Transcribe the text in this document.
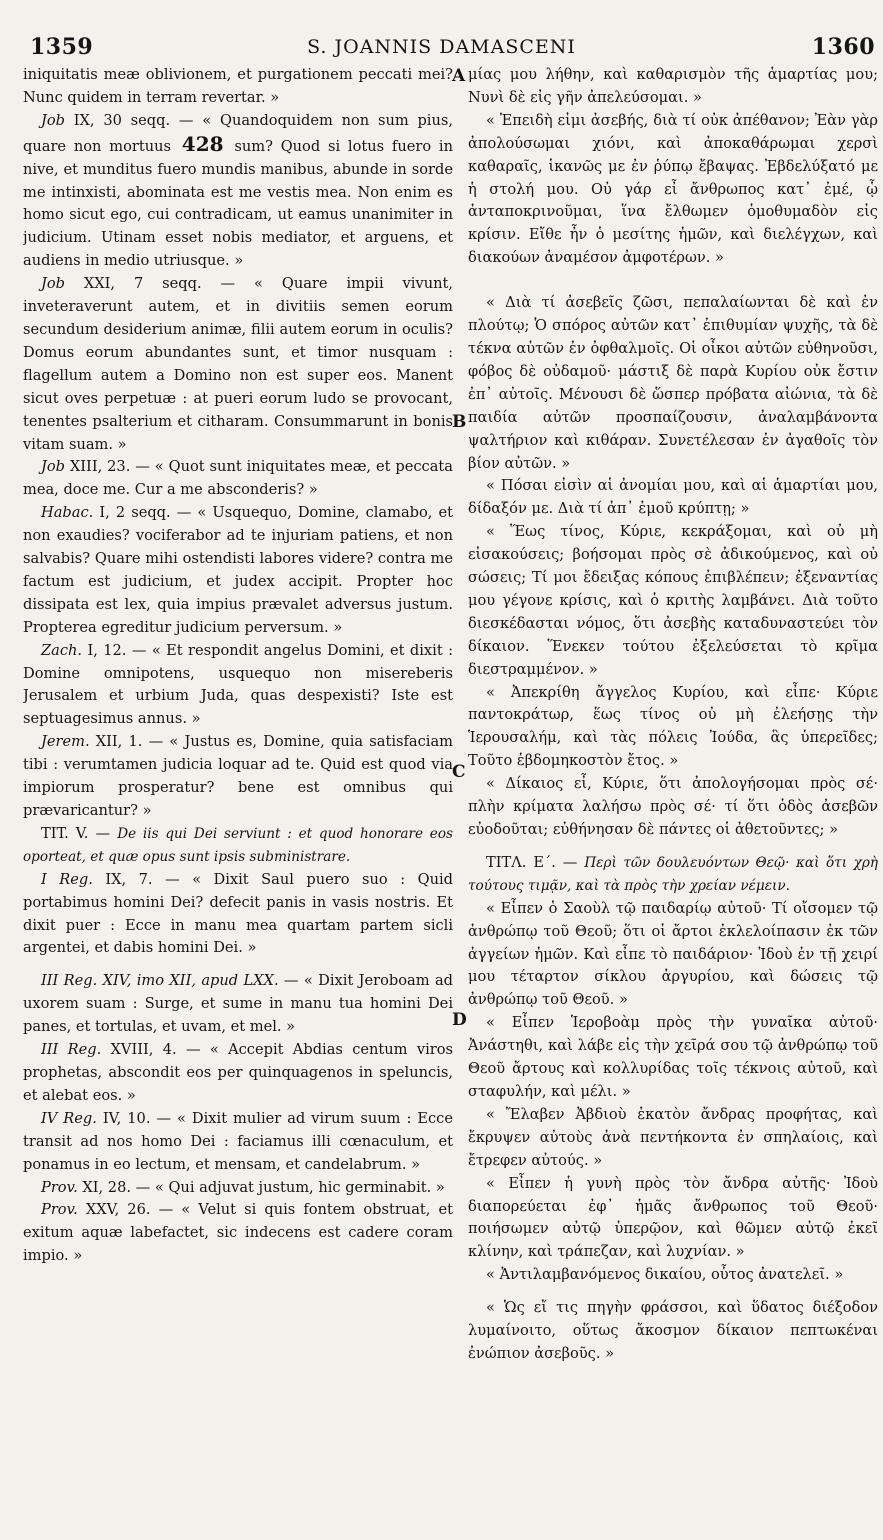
1359	S. JOANNIS DAMASCENI	1360
A
B
C
D

iniquitatis meæ oblivionem, et purgationem peccati mei? Nunc quidem in terram revertar. »

Job IX, 30 seqq. — « Quandoquidem non sum pius, quare non mortuus 428 sum? Quod si lotus fuero in nive, et munditus fuero mundis manibus, abunde in sorde me intinxisti, abominata est me vestis mea. Non enim es homo sicut ego, cui contradicam, ut eamus unanimiter in judicium. Utinam esset nobis mediator, et arguens, et audiens in medio utriusque. »

Job XXI, 7 seqq. — « Quare impii vivunt, inveteraverunt autem, et in divitiis semen eorum secundum desiderium animæ, filii autem eorum in oculis? Domus eorum abundantes sunt, et timor nusquam : flagellum autem a Domino non est super eos. Manent sicut oves perpetuæ : at pueri eorum ludo se provocant, tenentes psalterium et citharam. Consummarunt in bonis vitam suam. »

Job XIII, 23. — « Quot sunt iniquitates meæ, et peccata mea, doce me. Cur a me absconderis? »

Habac. I, 2 seqq. — « Usquequo, Domine, clamabo, et non exaudies? vociferabor ad te injuriam patiens, et non salvabis? Quare mihi ostendisti labores videre? contra me factum est judicium, et judex accipit. Propter hoc dissipata est lex, quia impius prævalet adversus justum. Propterea egreditur judicium perversum. »

Zach. I, 12. — « Et respondit angelus Domini, et dixit : Domine omnipotens, usquequo non misereberis Jerusalem et urbium Juda, quas despexisti? Iste est septuagesimus annus. »

Jerem. XII, 1. — « Justus es, Domine, quia satisfaciam tibi : verumtamen judicia loquar ad te. Quid est quod via impiorum prosperatur? bene est omnibus qui prævaricantur? »

TIT. V. — De iis qui Dei serviunt : et quod honorare eos oporteat, et quæ opus sunt ipsis subministrare.

I Reg. IX, 7. — « Dixit Saul puero suo : Quid portabimus homini Dei? defecit panis in vasis nostris. Et dixit puer : Ecce in manu mea quartam partem sicli argentei, et dabis homini Dei. »

III Reg. XIV, imo XII, apud LXX. — « Dixit Jeroboam ad uxorem suam : Surge, et sume in manu tua homini Dei panes, et tortulas, et uvam, et mel. »

III Reg. XVIII, 4. — « Accepit Abdias centum viros prophetas, abscondit eos per quinquagenos in speluncis, et alebat eos. »

IV Reg. IV, 10. — « Dixit mulier ad virum suum : Ecce transit ad nos homo Dei : faciamus illi cœnaculum, et ponamus in eo lectum, et mensam, et candelabrum. »

Prov. XI, 28. — « Qui adjuvat justum, hic germinabit. »

Prov. XXV, 26. — « Velut si quis fontem obstruat, et exitum aquæ labefactet, sic indecens est cadere coram impio. »

μίας μου λήθην, καὶ καθαρισμὸν τῆς ἁμαρτίας μου; Νυνὶ δὲ εἰς γῆν ἀπελεύσομαι. »

« Ἐπειδὴ εἰμι ἀσεβής, διὰ τί οὐκ ἀπέθανον; Ἐὰν γὰρ ἀπολούσωμαι χιόνι, καὶ ἀποκαθάρωμαι χερσὶ καθαραῖς, ἱκανῶς με ἐν ῥύπῳ ἔβαψας. Ἐβδελύξατό με ἡ στολή μου. Οὐ γάρ εἶ ἄνθρωπος κατ᾽ ἐμέ, ᾧ ἀνταποκρινοῦμαι, ἵνα ἔλθωμεν ὁμοθυμαδὸν εἰς κρίσιν. Εἴθε ἦν ὁ μεσίτης ἡμῶν, καὶ διελέγχων, καὶ διακούων ἀναμέσον ἀμφοτέρων. »

« Διὰ τί ἀσεβεῖς ζῶσι, πεπαλαίωνται δὲ καὶ ἐν πλούτῳ; Ὁ σπόρος αὐτῶν κατ᾽ ἐπιθυμίαν ψυχῆς, τὰ δὲ τέκνα αὐτῶν ἐν ὀφθαλμοῖς. Οἱ οἶκοι αὐτῶν εὐθηνοῦσι, φόβος δὲ οὐδαμοῦ· μάστιξ δὲ παρὰ Κυρίου οὐκ ἔστιν ἐπ᾽ αὐτοῖς. Μένουσι δὲ ὥσπερ πρόβατα αἰώνια, τὰ δὲ παιδία αὐτῶν προσπαίζουσιν, ἀναλαμβάνοντα ψαλτήριον καὶ κιθάραν. Συνετέλεσαν ἐν ἀγαθοῖς τὸν βίον αὐτῶν. »

« Πόσαι εἰσὶν αἱ ἀνομίαι μου, καὶ αἱ ἁμαρτίαι μου, δίδαξόν με. Διὰ τί ἀπ᾽ ἐμοῦ κρύπτῃ; »

« Ἕως τίνος, Κύριε, κεκράξομαι, καὶ οὐ μὴ εἰσακούσεις; βοήσομαι πρὸς σὲ ἀδικούμενος, καὶ οὐ σώσεις; Τί μοι ἔδειξας κόπους ἐπιβλέπειν; ἐξεναντίας μου γέγονε κρίσις, καὶ ὁ κριτὴς λαμβάνει. Διὰ τοῦτο διεσκέδασται νόμος, ὅτι ἀσεβὴς καταδυναστεύει τὸν δίκαιον. Ἕνεκεν τούτου ἐξελεύσεται τὸ κρῖμα διεστραμμένον. »

« Ἀπεκρίθη ἄγγελος Κυρίου, καὶ εἶπε· Κύριε παντοκράτωρ, ἕως τίνος οὐ μὴ ἐλεήσῃς τὴν Ἱερουσαλήμ, καὶ τὰς πόλεις Ἰούδα, ἃς ὑπερεῖδες; Τοῦτο ἑβδομηκοστὸν ἔτος. »

« Δίκαιος εἶ, Κύριε, ὅτι ἀπολογήσομαι πρὸς σέ· πλὴν κρίματα λαλήσω πρὸς σέ· τί ὅτι ὁδὸς ἀσεβῶν εὐοδοῦται; εὐθήνησαν δὲ πάντες οἱ ἀθετοῦντες; »

ΤΙΤΛ. Ε΄. — Περὶ τῶν δουλευόντων Θεῷ· καὶ ὅτι χρὴ τούτους τιμᾷν, καὶ τὰ πρὸς τὴν χρείαν νέμειν.

« Εἶπεν ὁ Σαοὺλ τῷ παιδαρίῳ αὐτοῦ· Τί οἴσομεν τῷ ἀνθρώπῳ τοῦ Θεοῦ; ὅτι οἱ ἄρτοι ἐκλελοίπασιν ἐκ τῶν ἀγγείων ἡμῶν. Καὶ εἶπε τὸ παιδάριον· Ἰδοὺ ἐν τῇ χειρί μου τέταρτον σίκλου ἀργυρίου, καὶ δώσεις τῷ ἀνθρώπῳ τοῦ Θεοῦ. »

« Εἶπεν Ἱεροβοὰμ πρὸς τὴν γυναῖκα αὐτοῦ· Ἀνάστηθι, καὶ λάβε εἰς τὴν χεῖρά σου τῷ ἀνθρώπῳ τοῦ Θεοῦ ἄρτους καὶ κολλυρίδας τοῖς τέκνοις αὐτοῦ, καὶ σταφυλήν, καὶ μέλι. »

« Ἔλαβεν Ἀβδιοὺ ἑκατὸν ἄνδρας προφήτας, καὶ ἔκρυψεν αὐτοὺς ἀνὰ πεντήκοντα ἐν σπηλαίοις, καὶ ἔτρεφεν αὐτούς. »

« Εἶπεν ἡ γυνὴ πρὸς τὸν ἄνδρα αὐτῆς· Ἰδοὺ διαπορεύεται ἐφ᾽ ἡμᾶς ἄνθρωπος τοῦ Θεοῦ· ποιήσωμεν αὐτῷ ὑπερῷον, καὶ θῶμεν αὐτῷ ἐκεῖ κλίνην, καὶ τράπεζαν, καὶ λυχνίαν. »

« Ἀντιλαμβανόμενος δικαίου, οὗτος ἀνατελεῖ. »

« Ὡς εἴ τις πηγὴν φράσσοι, καὶ ὕδατος διέξοδον λυμαίνοιτο, οὕτως ἄκοσμον δίκαιον πεπτωκέναι ἐνώπιον ἀσεβοῦς. »
